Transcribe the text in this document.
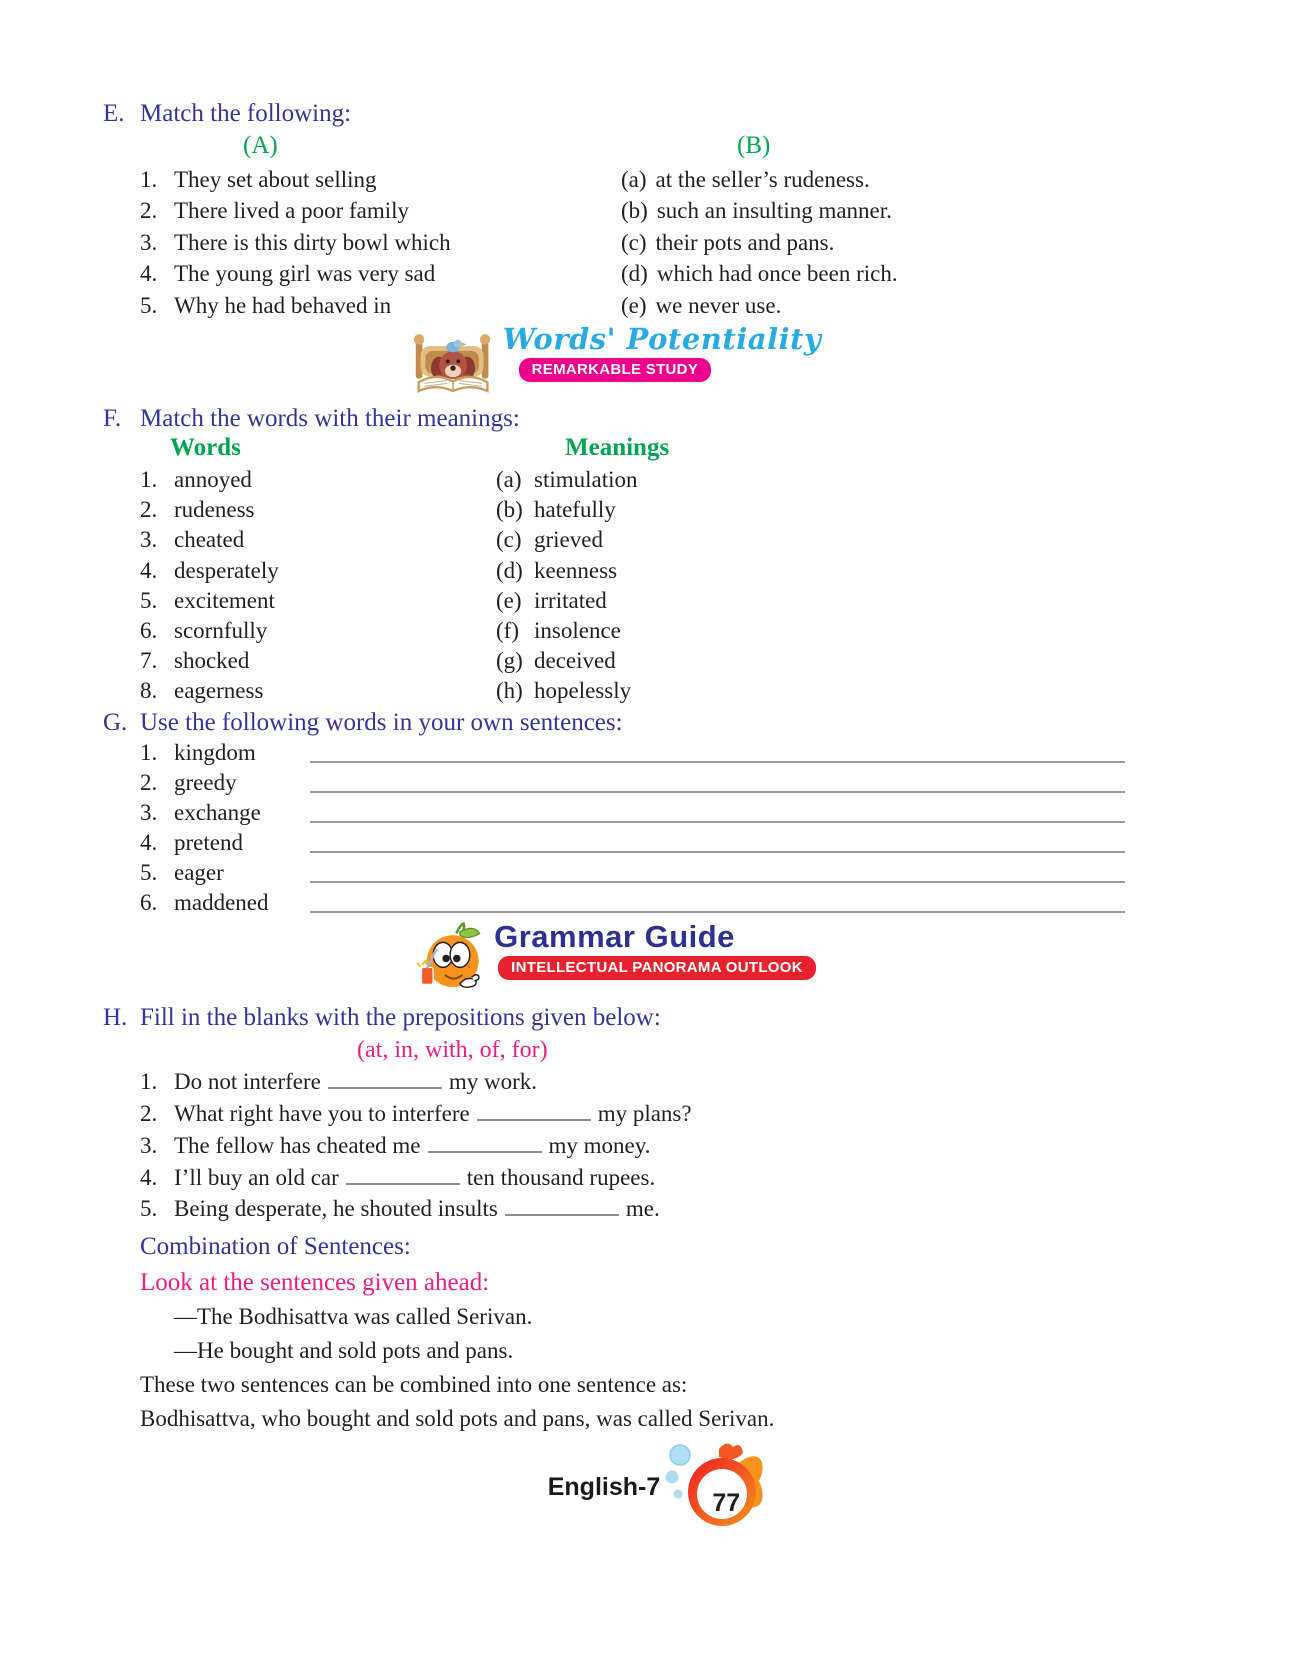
E. Match the following:
(A)	(B)
1. They set about selling	(a) at the seller’s rudeness.
2. There lived a poor family	(b) such an insulting manner.
3. There is this dirty bowl which	(c) their pots and pans.
4. The young girl was very sad	(d) which had once been rich.
5. Why he had behaved in	(e) we never use.
Words' Potentiality
REMARKABLE STUDY
F. Match the words with their meanings:
Words	Meanings
1. annoyed	(a) stimulation
2. rudeness	(b) hatefully
3. cheated	(c) grieved
4. desperately	(d) keenness
5. excitement	(e) irritated
6. scornfully	(f) insolence
7. shocked	(g) deceived
8. eagerness	(h) hopelessly
G. Use the following words in your own sentences:
1. kingdom
2. greedy
3. exchange
4. pretend
5. eager
6. maddened
Grammar Guide
INTELLECTUAL PANORAMA OUTLOOK
H. Fill in the blanks with the prepositions given below:
(at, in, with, of, for)
1. Do not interfere	my work.
2. What right have you to interfere	my plans?
3. The fellow has cheated me	my money.
4. I’ll buy an old car	ten thousand rupees.
5. Being desperate, he shouted insults	me.
Combination of Sentences:
Look at the sentences given ahead:
—The Bodhisattva was called Serivan.
—He bought and sold pots and pans.
These two sentences can be combined into one sentence as:
Bodhisattva, who bought and sold pots and pans, was called Serivan.
English-7
77
